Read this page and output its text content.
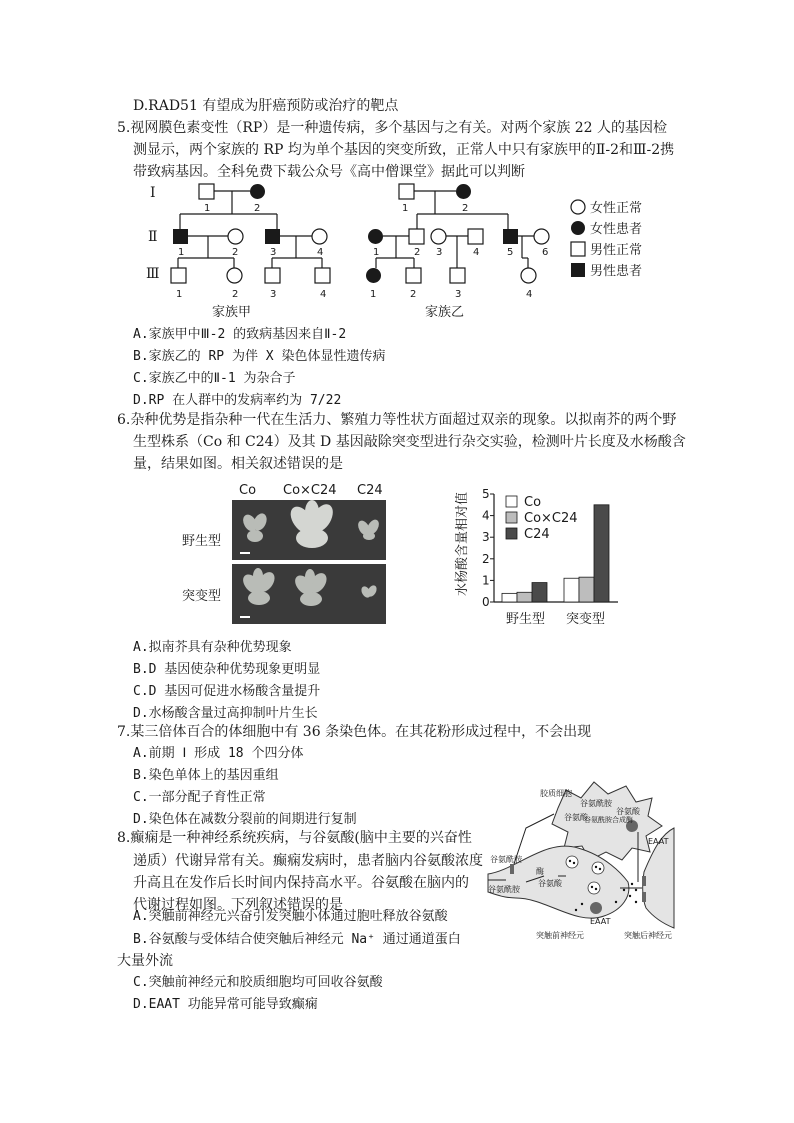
D.RAD51 有望成为肝癌预防或治疗的靶点
5.视网膜色素变性（RP）是一种遗传病，多个基因与之有关。对两个家族 22 人的基因检
测显示，两个家族的 RP 均为单个基因的突变所致，正常人中只有家族甲的Ⅱ-2和Ⅲ-2携
带致病基因。全科免费下载公众号《高中僧课堂》据此可以判断
Ⅰ
Ⅱ
Ⅲ
1	2
1	2	3	4
1	2	3	4
1	2
1	2 3	4	5	6
1	2	3	4
家族甲	家族乙
女性正常
女性患者
男性正常
男性患者
A.家族甲中Ⅲ-2 的致病基因来自Ⅱ-2
B.家族乙的 RP 为伴 X 染色体显性遗传病
C.家族乙中的Ⅱ-1 为杂合子
D.RP 在人群中的发病率约为 7/22
6.杂种优势是指杂种一代在生活力、繁殖力等性状方面超过双亲的现象。以拟南芥的两个野
生型株系（Co 和 C24）及其 D 基因敲除突变型进行杂交实验，检测叶片长度及水杨酸含
量，结果如图。相关叙述错误的是
Co Co×C24 C24
野生型
突变型
水杨酸含量相对值
0
1
2
3
4
5
Co
Co×C24
C24
野生型 突变型
A.拟南芥具有杂种优势现象
B.D 基因使杂种优势现象更明显
C.D 基因可促进水杨酸含量提升
D.水杨酸含量过高抑制叶片生长
7.某三倍体百合的体细胞中有 36 条染色体。在其花粉形成过程中，不会出现
A.前期 Ⅰ 形成 18 个四分体
B.染色单体上的基因重组
C.一部分配子育性正常
D.染色体在减数分裂前的间期进行复制
8.癫痫是一种神经系统疾病，与谷氨酸(脑中主要的兴奋性
递质）代谢异常有关。癫痫发病时，患者脑内谷氨酸浓度
升高且在发作后长时间内保持高水平。谷氨酸在脑内的
代谢过程如图。下列叙述错误的是
胶质细胞
谷氨酰胺
谷氨酸
谷氨酰胺合成酶
谷氨酸
谷氨酰胺
谷氨酰胺
酶
谷氨酸
EAAT
EAAT
突触前神经元	突触后神经元
A.突触前神经元兴奋引发突触小体通过胞吐释放谷氨酸
B.谷氨酸与受体结合使突触后神经元 Na⁺ 通过通道蛋白
大量外流
C.突触前神经元和胶质细胞均可回收谷氨酸
D.EAAT 功能异常可能导致癫痫
